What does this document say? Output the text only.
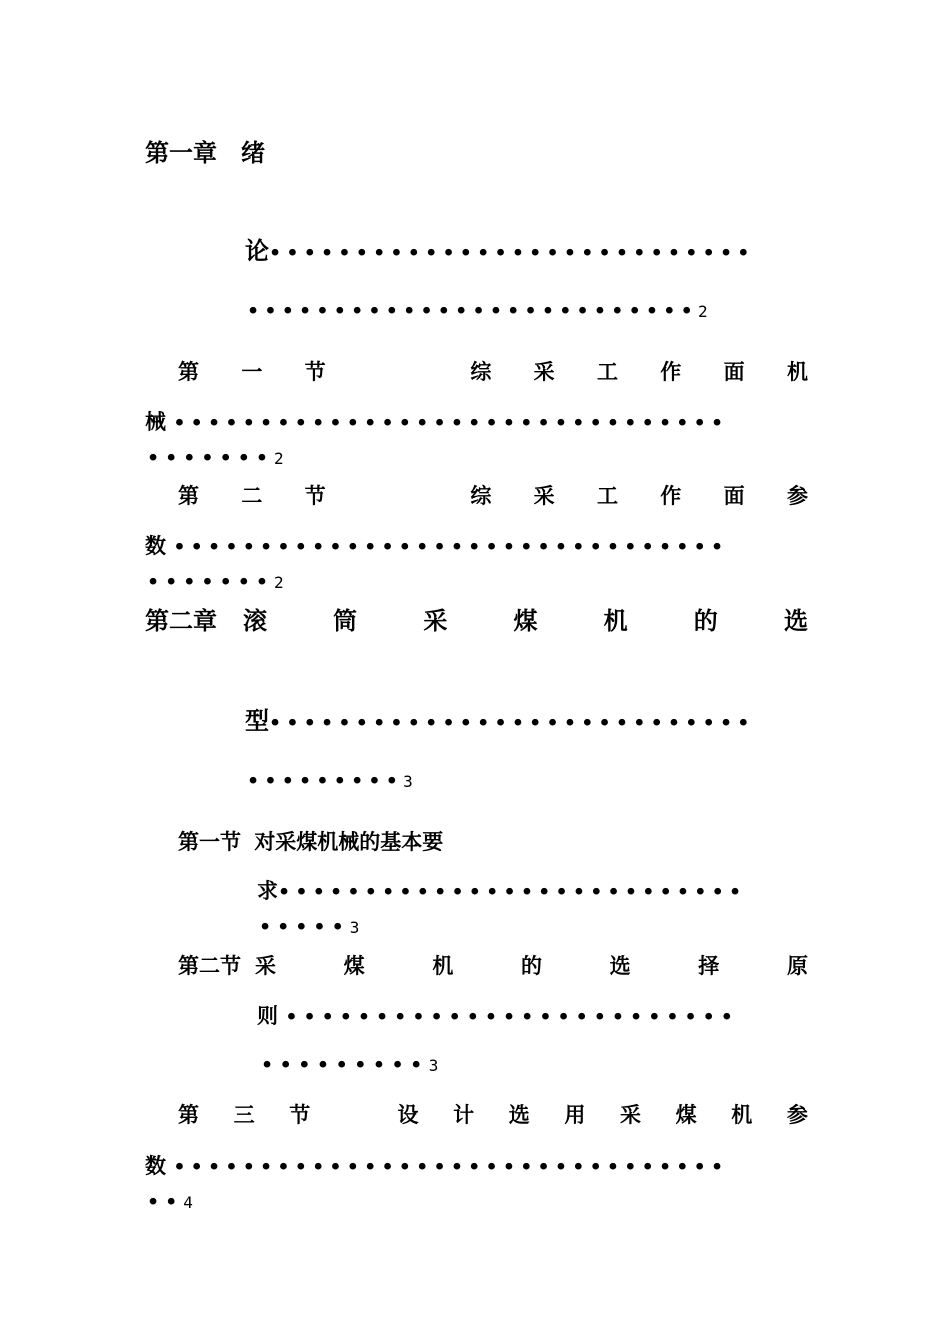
第一章　绪
论••••••••••••••••••••••••••••
••••••••••••••••••••••••••2
第 一 节	综 采 工 作 面 机
械 ••••••••••••••••••••••••••••••••
•••••••2
第 二 节	综 采 工 作 面 参
数 ••••••••••••••••••••••••••••••••
•••••••2
第二章 滚	筒	采	煤	机	的	选
型••••••••••••••••••••••••••••
•••••••••3
第一节 对采煤机械的基本要
求•••••••••••••••••••••••••••
•••••3
第二节 采	煤	机	的	选	择	原
则 •••••••••••••••••••••••••
•••••••••3
第 三 节	设 计 选 用 采 煤 机 参
数 ••••••••••••••••••••••••••••••••
••4
